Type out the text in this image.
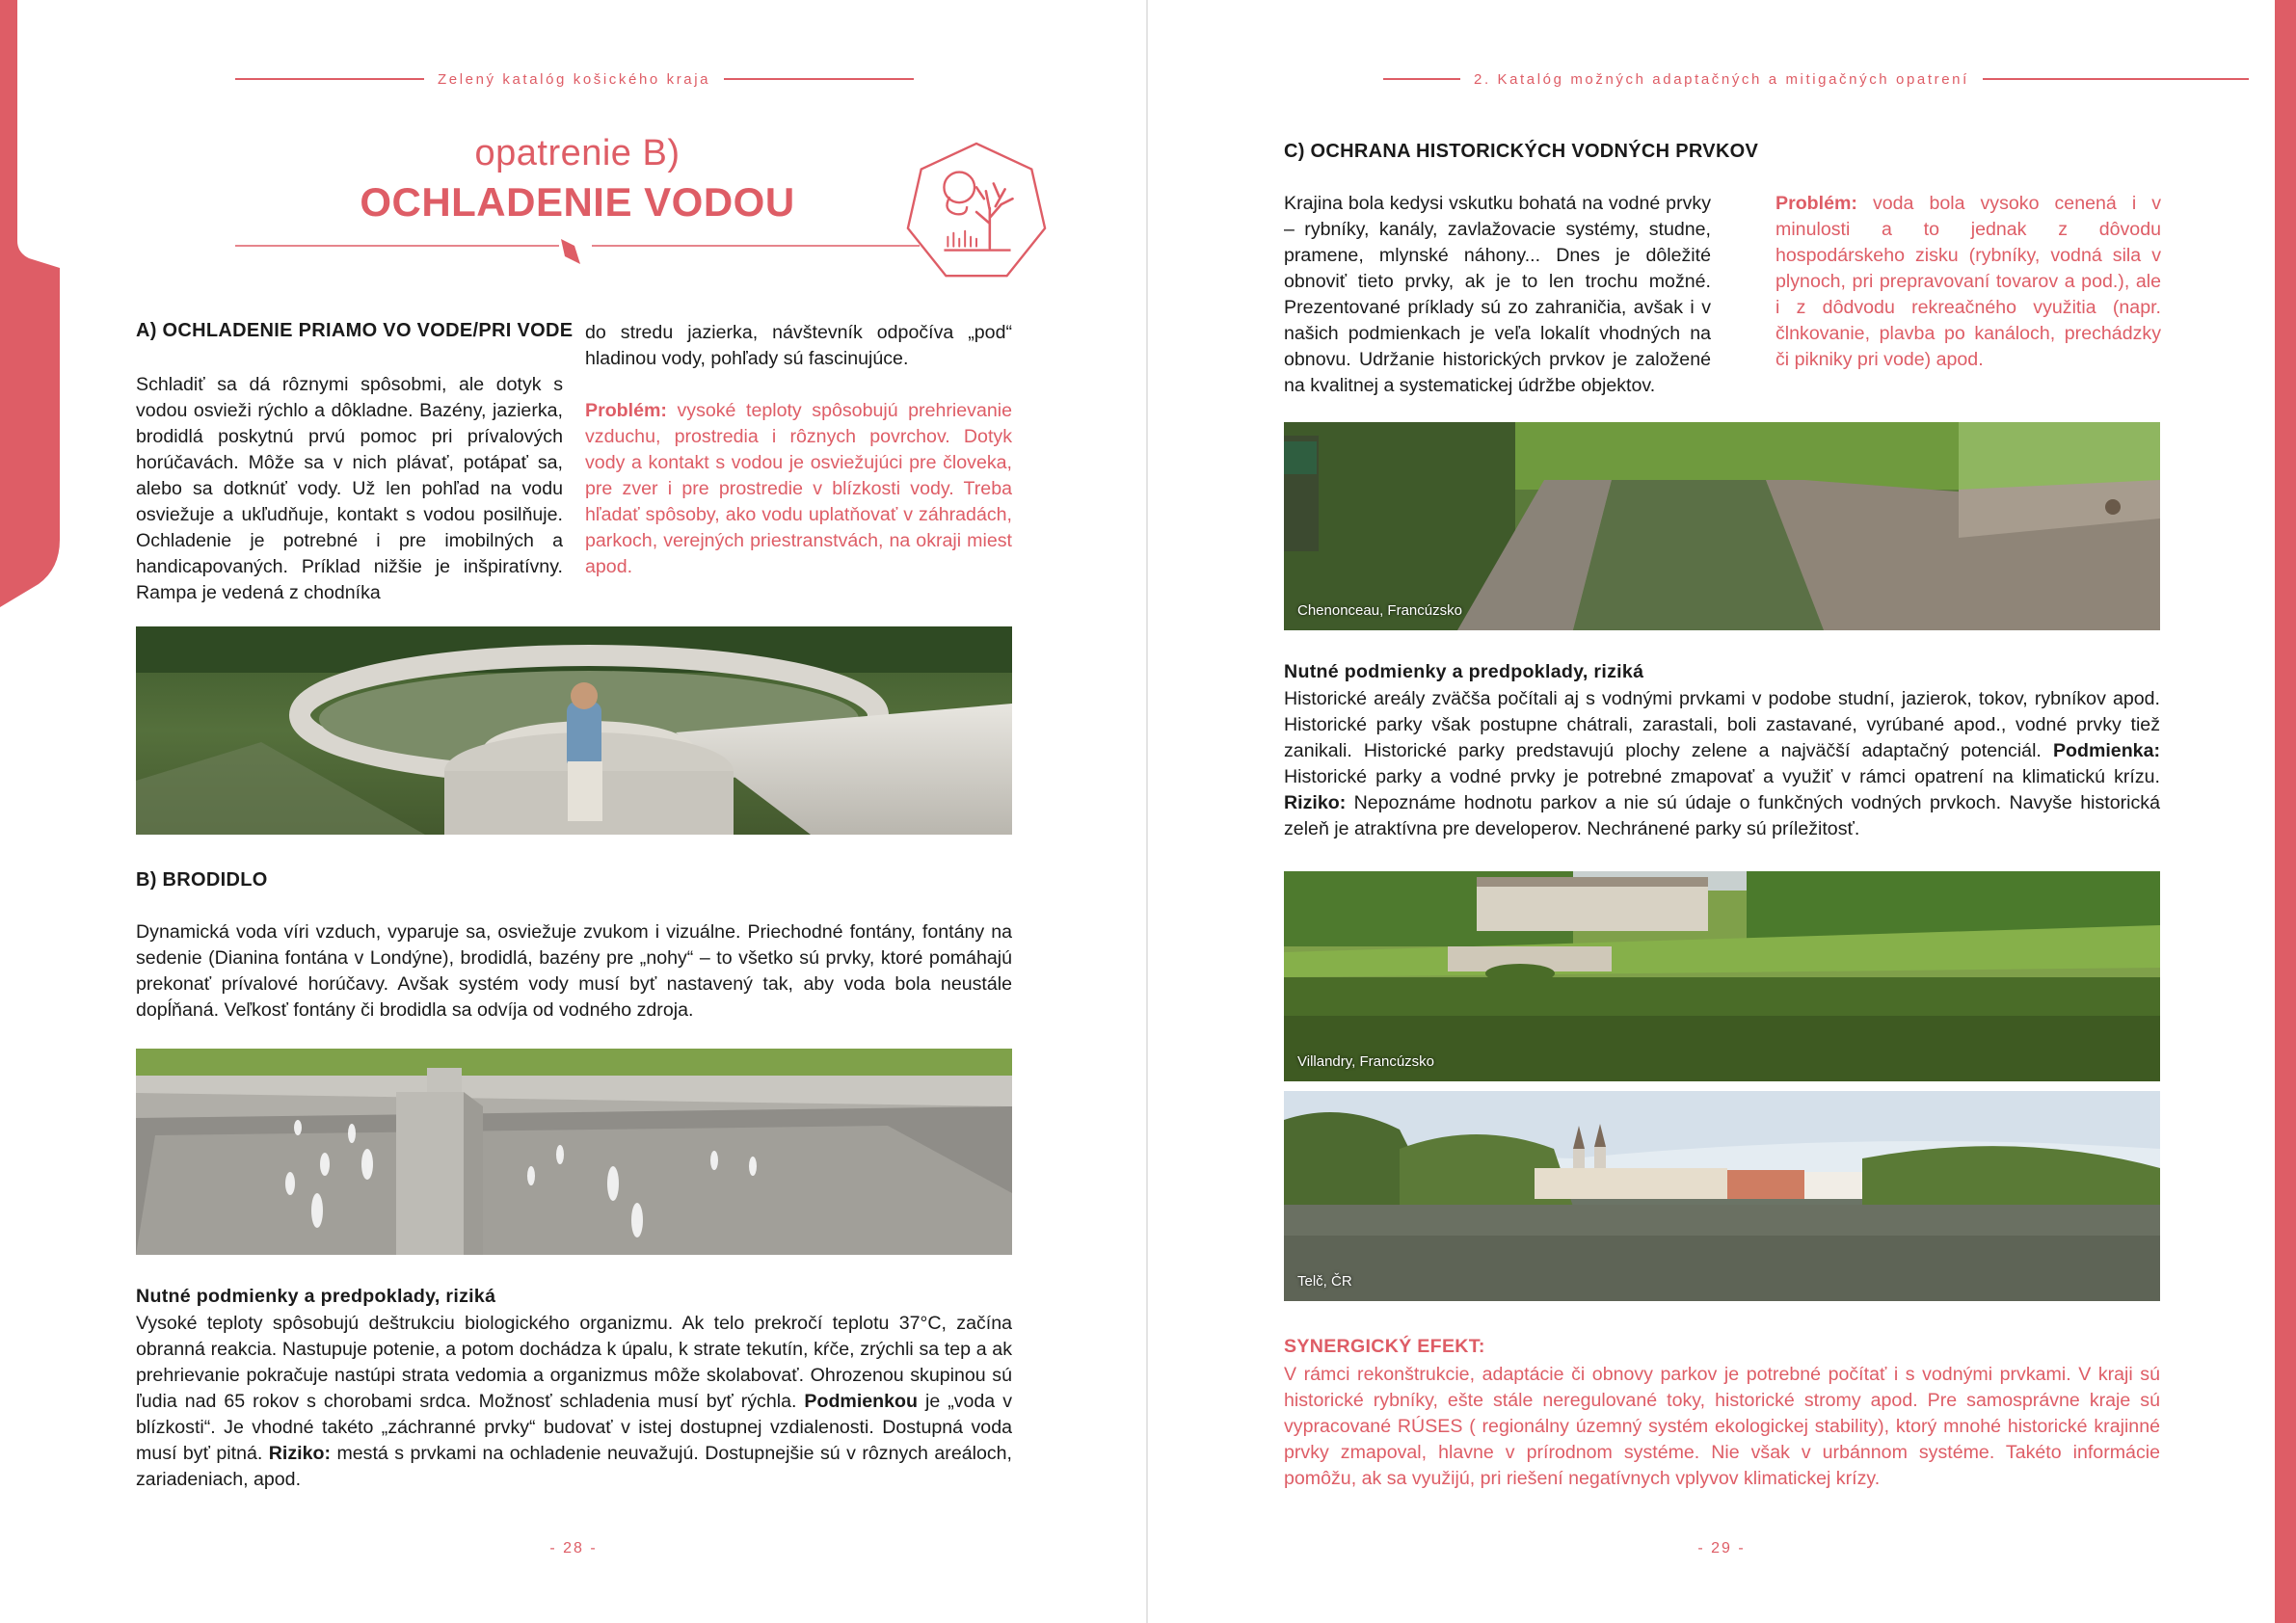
Zelený katalóg košického kraja
opatrenie B)
OCHLADENIE VODOU
A) OCHLADENIE PRIAMO VO VODE/PRI VODE
Schladiť sa dá rôznymi spôsobmi, ale dotyk s vodou osvieži rýchlo a dôkladne. Bazény, jazierka, brodidlá poskytnú prvú pomoc pri prívalových horúčavách. Môže sa v nich plávať, potápať sa, alebo sa dotknúť vody. Už len pohľad na vodu osviežuje a ukľudňuje, kontakt s vodou posilňuje. Ochladenie je potrebné i pre imobilných a handicapovaných. Príklad nižšie je inšpiratívny. Rampa je vedená z chodníka
do stredu jazierka, návštevník odpočíva „pod“ hladinou vody, pohľady sú fascinujúce.
Problém: vysoké teploty spôsobujú prehrievanie vzduchu, prostredia i rôznych povrchov. Dotyk vody a kontakt s vodou je osviežujúci pre človeka, pre zver i pre prostredie v blízkosti vody. Treba hľadať spôsoby, ako vodu uplatňovať v záhradách, parkoch, verejných priestranstvách, na okraji miest apod.
B) BRODIDLO
Dynamická voda víri vzduch, vyparuje sa, osviežuje zvukom i vizuálne. Priechodné fontány, fontány na sedenie (Dianina fontána v Londýne), brodidlá, bazény pre „nohy“ – to všetko sú prvky, ktoré pomáhajú prekonať prívalové horúčavy. Avšak systém vody musí byť nastavený tak, aby voda bola neustále dopĺňaná. Veľkosť fontány či brodidla sa odvíja od vodného zdroja.
Nutné podmienky a predpoklady, riziká
Vysoké teploty spôsobujú deštrukciu biologického organizmu. Ak telo prekročí teplotu 37°C, začína obranná reakcia. Nastupuje potenie, a potom dochádza k úpalu, k strate tekutín, kŕče, zrýchli sa tep a ak prehrievanie pokračuje nastúpi strata vedomia a organizmus môže skolabovať. Ohrozenou skupinou sú ľudia nad 65 rokov s chorobami srdca. Možnosť schladenia musí byť rýchla. Podmienkou je „voda v blízkosti“. Je vhodné takéto „záchranné prvky“ budovať v istej dostupnej vzdialenosti. Dostupná voda musí byť pitná. Riziko: mestá s prvkami na ochladenie neuvažujú. Dostupnejšie sú v rôznych areáloch, zariadeniach, apod.
- 28 -
2. Katalóg možných adaptačných a mitigačných opatrení
C) OCHRANA HISTORICKÝCH VODNÝCH PRVKOV
Krajina bola kedysi vskutku bohatá na vodné prvky – rybníky, kanály, zavlažovacie systémy, studne, pramene, mlynské náhony... Dnes je dôležité obnoviť tieto prvky, ak je to len trochu možné. Prezentované príklady sú zo zahraničia, avšak i v našich podmienkach je veľa lokalít vhodných na obnovu. Udržanie historických prvkov je založené na kvalitnej a systematickej údržbe objektov.
Problém: voda bola vysoko cenená i v minulosti a to jednak z dôvodu hospodárskeho zisku (rybníky, vodná sila v plynoch, pri prepravovaní tovarov a pod.), ale i z dôdvodu rekreačného využitia (napr. člnkovanie, plavba po kanáloch, prechádzky či pikniky pri vode) apod.
Chenonceau, Francúzsko
Nutné podmienky a predpoklady, riziká
Historické areály zväčša počítali aj s vodnými prvkami v podobe studní, jazierok, tokov, rybníkov apod. Historické parky však postupne chátrali, zarastali, boli zastavané, vyrúbané apod., vodné prvky tiež zanikali. Historické parky predstavujú plochy zelene a najväčší adaptačný potenciál. Podmienka: Historické parky a vodné prvky je potrebné zmapovať a využiť v rámci opatrení na klimatickú krízu. Riziko: Nepoznáme hodnotu parkov a nie sú údaje o funkčných vodných prvkoch. Navyše historická zeleň je atraktívna pre developerov. Nechránené parky sú príležitosť.
Villandry, Francúzsko
Telč, ČR
SYNERGICKÝ EFEKT:
V rámci rekonštrukcie, adaptácie či obnovy parkov je potrebné počítať i s vodnými prvkami. V kraji sú historické rybníky, ešte stále neregulované toky, historické stromy apod. Pre samosprávne kraje sú vypracované RÚSES ( regionálny územný systém ekologickej stability), ktorý mnohé historické krajinné prvky zmapoval, hlavne v prírodnom systéme. Nie však v urbánnom systéme. Takéto informácie pomôžu, ak sa využijú, pri riešení negatívnych vplyvov klimatickej krízy.
- 29 -
